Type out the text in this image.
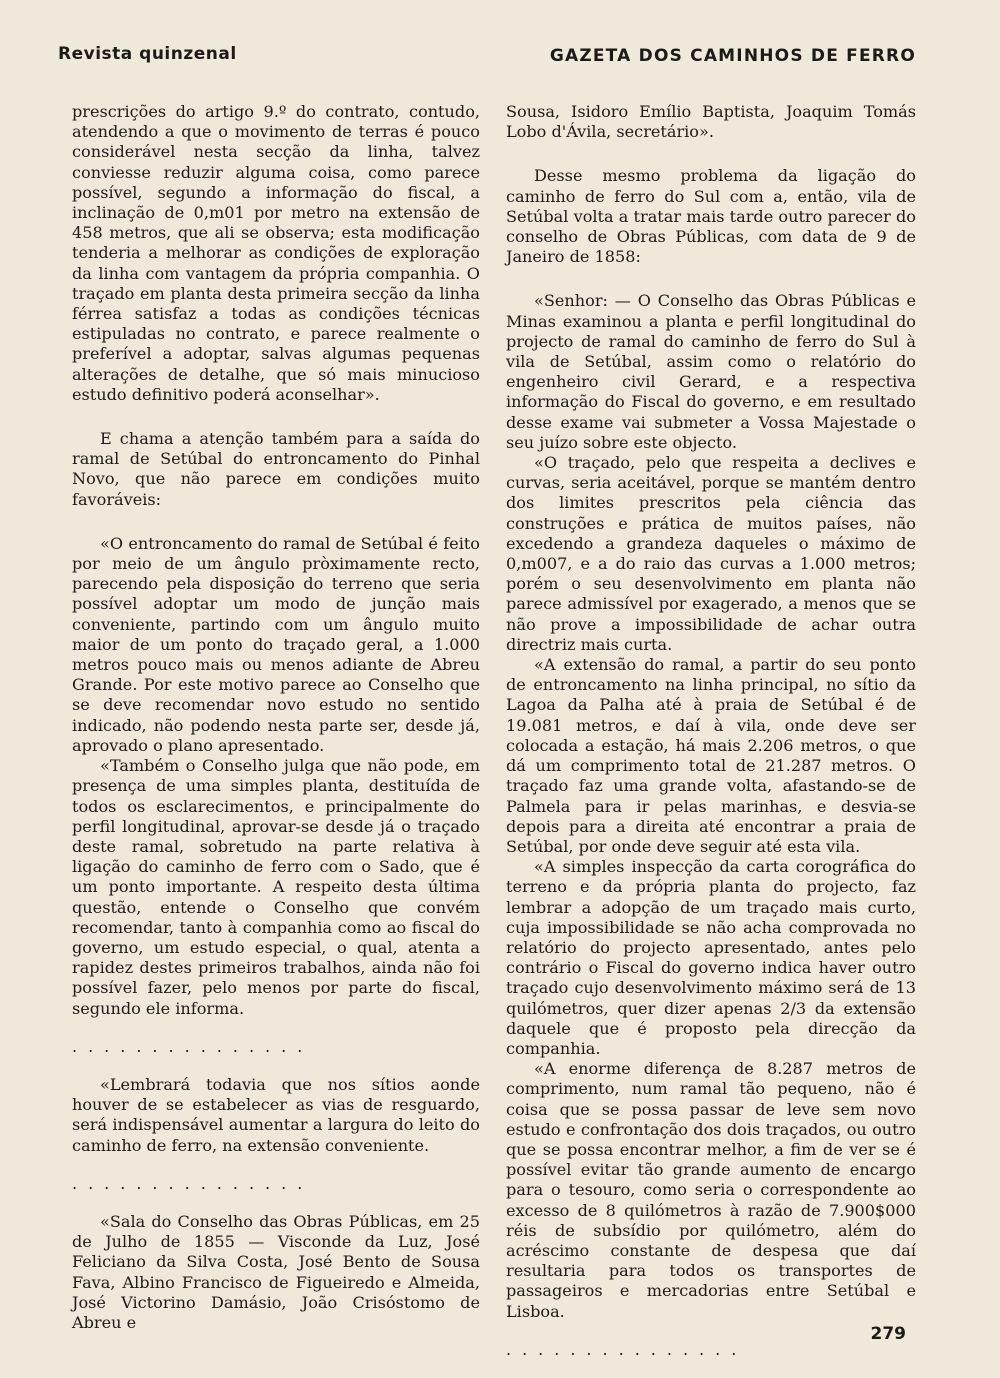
Revista quinzenal	GAZETA DOS CAMINHOS DE FERRO

prescrições do artigo 9.º do contrato, contudo, atendendo a que o movimento de terras é pouco considerável nesta secção da linha, talvez conviesse reduzir alguma coisa, como parece possível, segundo a informação do fiscal, a inclinação de 0,m01 por metro na extensão de 458 metros, que ali se observa; esta modificação tenderia a melhorar as condições de exploração da linha com vantagem da própria companhia. O traçado em planta desta primeira secção da linha férrea satisfaz a todas as condições técnicas estipuladas no contrato, e parece realmente o preferível a adoptar, salvas algumas pequenas alterações de detalhe, que só mais minucioso estudo definitivo poderá aconselhar».

E chama a atenção também para a saída do ramal de Setúbal do entroncamento do Pinhal Novo, que não parece em condições muito favoráveis:

«O entroncamento do ramal de Setúbal é feito por meio de um ângulo pròximamente recto, parecendo pela disposição do terreno que seria possível adoptar um modo de junção mais conveniente, partindo com um ângulo muito maior de um ponto do traçado geral, a 1.000 metros pouco mais ou menos adiante de Abreu Grande. Por este motivo parece ao Conselho que se deve recomendar novo estudo no sentido indicado, não podendo nesta parte ser, desde já, aprovado o plano apresentado.

«Também o Conselho julga que não pode, em presença de uma simples planta, destituída de todos os esclarecimentos, e principalmente do perfil longitudinal, aprovar-se desde já o traçado deste ramal, sobretudo na parte relativa à ligação do caminho de ferro com o Sado, que é um ponto importante. A respeito desta última questão, entende o Conselho que convém recomendar, tanto à companhia como ao fiscal do governo, um estudo especial, o qual, atenta a rapidez destes primeiros trabalhos, ainda não foi possível fazer, pelo menos por parte do fiscal, segundo ele informa.

...............

«Lembrará todavia que nos sítios aonde houver de se estabelecer as vias de resguardo, será indispensável aumentar a largura do leito do caminho de ferro, na extensão conveniente.

...............

«Sala do Conselho das Obras Públicas, em 25 de Julho de 1855 — Visconde da Luz, José Feliciano da Silva Costa, José Bento de Sousa Fava, Albino Francisco de Figueiredo e Almeida, José Victorino Damásio, João Crisóstomo de Abreu e

Sousa, Isidoro Emílio Baptista, Joaquim Tomás Lobo d'Ávila, secretário».

Desse mesmo problema da ligação do caminho de ferro do Sul com a, então, vila de Setúbal volta a tratar mais tarde outro parecer do conselho de Obras Públicas, com data de 9 de Janeiro de 1858:

«Senhor: — O Conselho das Obras Públicas e Minas examinou a planta e perfil longitudinal do projecto de ramal do caminho de ferro do Sul à vila de Setúbal, assim como o relatório do engenheiro civil Gerard, e a respectiva informação do Fiscal do governo, e em resultado desse exame vai submeter a Vossa Majestade o seu juízo sobre este objecto.

«O traçado, pelo que respeita a declives e curvas, seria aceitável, porque se mantém dentro dos limites prescritos pela ciência das construções e prática de muitos países, não excedendo a grandeza daqueles o máximo de 0,m007, e a do raio das curvas a 1.000 metros; porém o seu desenvolvimento em planta não parece admissível por exagerado, a menos que se não prove a impossibilidade de achar outra directriz mais curta.

«A extensão do ramal, a partir do seu ponto de entroncamento na linha principal, no sítio da Lagoa da Palha até à praia de Setúbal é de 19.081 metros, e daí à vila, onde deve ser colocada a estação, há mais 2.206 metros, o que dá um comprimento total de 21.287 metros. O traçado faz uma grande volta, afastando-se de Palmela para ir pelas marinhas, e desvia-se depois para a direita até encontrar a praia de Setúbal, por onde deve seguir até esta vila.

«A simples inspecção da carta corográfica do terreno e da própria planta do projecto, faz lembrar a adopção de um traçado mais curto, cuja impossibilidade se não acha comprovada no relatório do projecto apresentado, antes pelo contrário o Fiscal do governo indica haver outro traçado cujo desenvolvimento máximo será de 13 quilómetros, quer dizer apenas 2/3 da extensão daquele que é proposto pela direcção da companhia.

«A enorme diferença de 8.287 metros de comprimento, num ramal tão pequeno, não é coisa que se possa passar de leve sem novo estudo e confrontação dos dois traçados, ou outro que se possa encontrar melhor, a fim de ver se é possível evitar tão grande aumento de encargo para o tesouro, como seria o correspondente ao excesso de 8 quilómetros à razão de 7.900$000 réis de subsídio por quilómetro, além do acréscimo constante de despesa que daí resultaria para todos os transportes de passageiros e mercadorias entre Setúbal e Lisboa.

...............

279
